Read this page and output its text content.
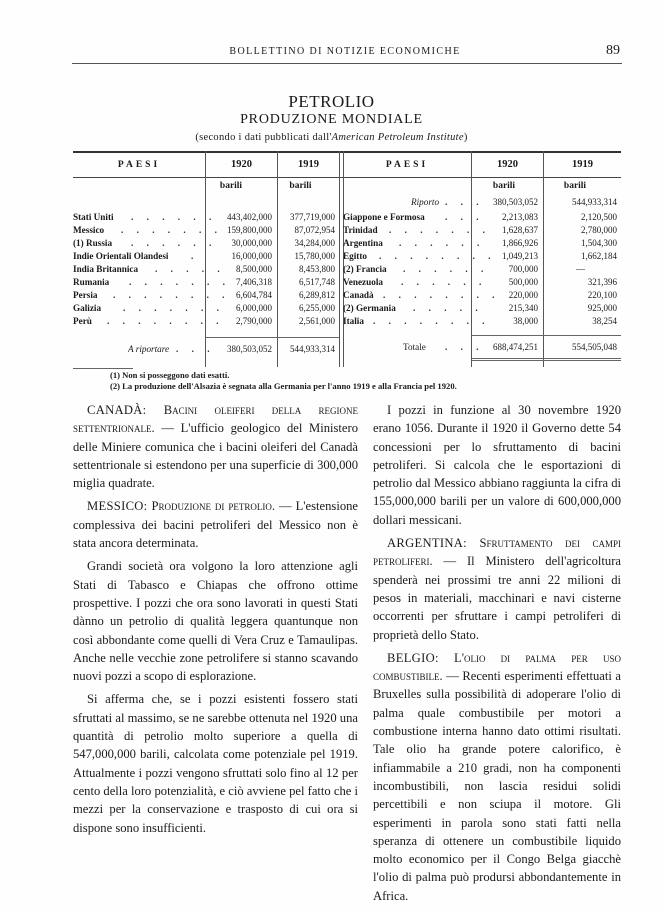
BOLLETTINO DI NOTIZIE ECONOMICHE	89
PETROLIO
PRODUZIONE MONDIALE
(secondo i dati pubblicati dall'American Petroleum Institute)
PAESI	1920	1919	PAESI	1920	1919
barili	barili	barili	barili
Stati Uniti . . . . . .	443,402,000	377,719,000
Messico . . . . . . . 159,800,000	87,072,954
(1) Russia . . . . . .	30,000,000	34,284,000
Indie Orientali Olandesi .	16,000,000	15,780,000
India Britannica . . . . .	8,500,000	8,453,800
Rumania . . . . . . . 7,406,318	6,517,748
Persia . . . . . . . . 6,604,784	6,289,812
Galizia . . . . . . .	6,000,000	6,255,000
Perù . . . . . . . .	2,790,000	2,561,000
A riportare . . .	380,503,052	544,933,314
Riporto . . .	380,503,052	544,933,314
Giappone e Formosa . . .	2,213,083	2,120,500
Trinidad . . . . . . .	1,628,637	2,780,000
Argentina . . . . . .	1,866,926	1,504,300
Egitto . . . . . . . . 1,049,213	1,662,184
(2) Francia . . . . . .	700,000	—
Venezuola . . . . . .	500,000	321,396
Canadà . . . . . . . . 220,000	220,100
(2) Germania . . . . .	215,340	925,000
Italia . . . . . . . .	38,000	38,254
Totale . . .	688,474,251	554,505,048
(1) Non si posseggono dati esatti.
(2) La produzione dell'Alsazia è segnata alla Germania per l'anno 1919 e alla Francia pel 1920.

CANADÀ: Bacini oleiferi della regione settentrionale. — L'ufficio geologico del Ministero delle Miniere comunica che i bacini oleiferi del Canadà settentrionale si estendono per una superficie di 300,000 miglia quadrate.

MESSICO: Produzione di petrolio. — L'estensione complessiva dei bacini petroliferi del Messico non è stata ancora determinata.

Grandi società ora volgono la loro attenzione agli Stati di Tabasco e Chiapas che offrono ottime prospettive. I pozzi che ora sono lavorati in questi Stati dànno un petrolio di qualità leggera quantunque non così abbondante come quelli di Vera Cruz e Tamaulipas. Anche nelle vecchie zone petrolifere si stanno scavando nuovi pozzi a scopo di esplorazione.

Si afferma che, se i pozzi esistenti fossero stati sfruttati al massimo, se ne sarebbe ottenuta nel 1920 una quantità di petrolio molto superiore a quella di 547,000,000 barili, calcolata come potenziale pel 1919. Attualmente i pozzi vengono sfruttati solo fino al 12 per cento della loro potenzialità, e ciò avviene pel fatto che i mezzi per la conservazione e trasposto di cui ora si dispone sono insufficienti.

I pozzi in funzione al 30 novembre 1920 erano 1056. Durante il 1920 il Governo dette 54 concessioni per lo sfruttamento di bacini petroliferi. Si calcola che le esportazioni di petrolio dal Messico abbiano raggiunta la cifra di 155,000,000 barili per un valore di 600,000,000 dollari messicani.

ARGENTINA: Sfruttamento dei campi petroliferi. — Il Ministero dell'agricoltura spenderà nei prossimi tre anni 22 milioni di pesos in materiali, macchinari e navi cisterne occorrenti per sfruttare i campi petroliferi di proprietà dello Stato.

BELGIO: L'olio di palma per uso combustibile. — Recenti esperimenti effettuati a Bruxelles sulla possibilità di adoperare l'olio di palma quale combustibile per motori a combustione interna hanno dato ottimi risultati. Tale olio ha grande potere calorifico, è infiammabile a 210 gradi, non ha componenti incombustibili, non lascia residui solidi percettibili e non sciupa il motore. Gli esperimenti in parola sono stati fatti nella speranza di ottenere un combustibile liquido molto economico per il Congo Belga giacchè l'olio di palma può prodursi abbondantemente in Africa.
